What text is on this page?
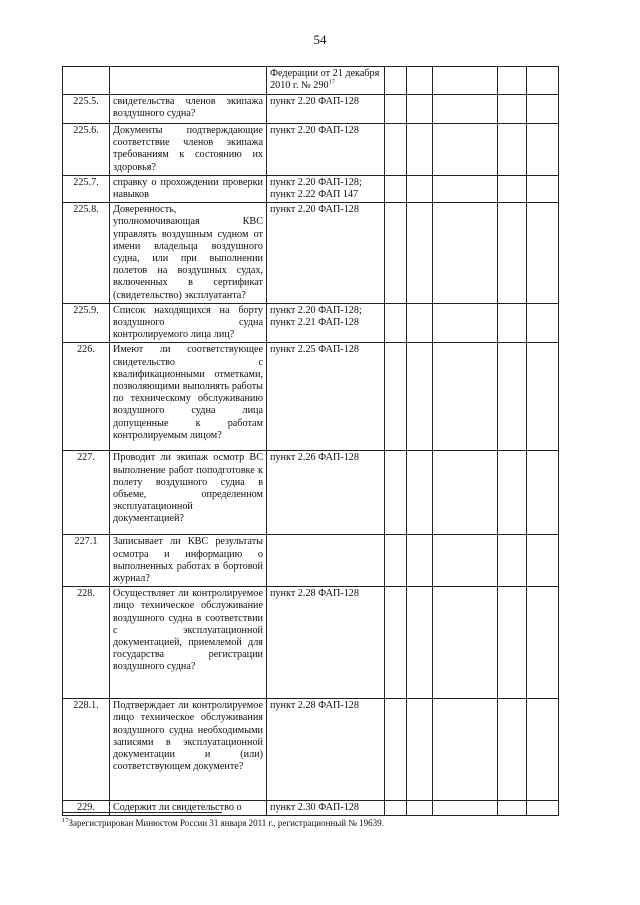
54
		Федерации от 21 декабря 2010 г. № $290^{17}$					
225.5.	свидетельства членов экипажа воздушного судна?	пункт 2.20 ФАП-128					
225.6.	Документы подтверждающие соответствие членов экипажа требованиям к состоянию их здоровья?	пункт 2.20 ФАП-128					
225.7.	справку о прохождении проверки навыков	пункт 2.20 ФАП-128; пункт 2.22 ФАП 147					
225.8.	Доверенность, уполномочивающая КВС управлять воздушным судном от имени владельца воздушного судна, или при выполнении полетов на воздушных судах, включенных в сертификат (свидетельство) эксплуатанта?	пункт 2.20 ФАП-128					
225.9.	Список находящихся на борту воздушного судна контролируемого лица лиц?	пункт 2.20 ФАП-128; пункт 2.21 ФАП-128					
226.	Имеют ли соответствующее свидетельство с квалификационными отметками, позволяющими выполнять работы по техническому обслуживанию воздушного судна лица допущенные к работам контролируемым лицом?	пункт 2.25 ФАП-128					
227.	Проводит ли экипаж осмотр ВС выполнение работ поподготовке к полету воздушного судна в объеме, определенном эксплуатационной документацией?	пункт 2.26 ФАП-128					
227.1	Записывает ли КВС результаты осмотра и информацию о выполненных работах в бортовой журнал?						
228.	Осуществляет ли контролируемое лицо техническое обслуживание воздушного судна в соответствии с эксплуатационной документацией, приемлемой для государства регистрации воздушного судна?	пункт 2.28 ФАП-128					
228.1.	Подтверждает ли контролируемое лицо техническое обслуживания воздушного судна необходимыми записями в эксплуатационной документации и (или) соответствующем документе?	пункт 2.28 ФАП-128					
229.	Содержит ли свидетельство о	пункт 2.30 ФАП-128					
$^{17}$Зарегистрирован Минюстом России 31 января 2011 г., регистрационный № 19639.
